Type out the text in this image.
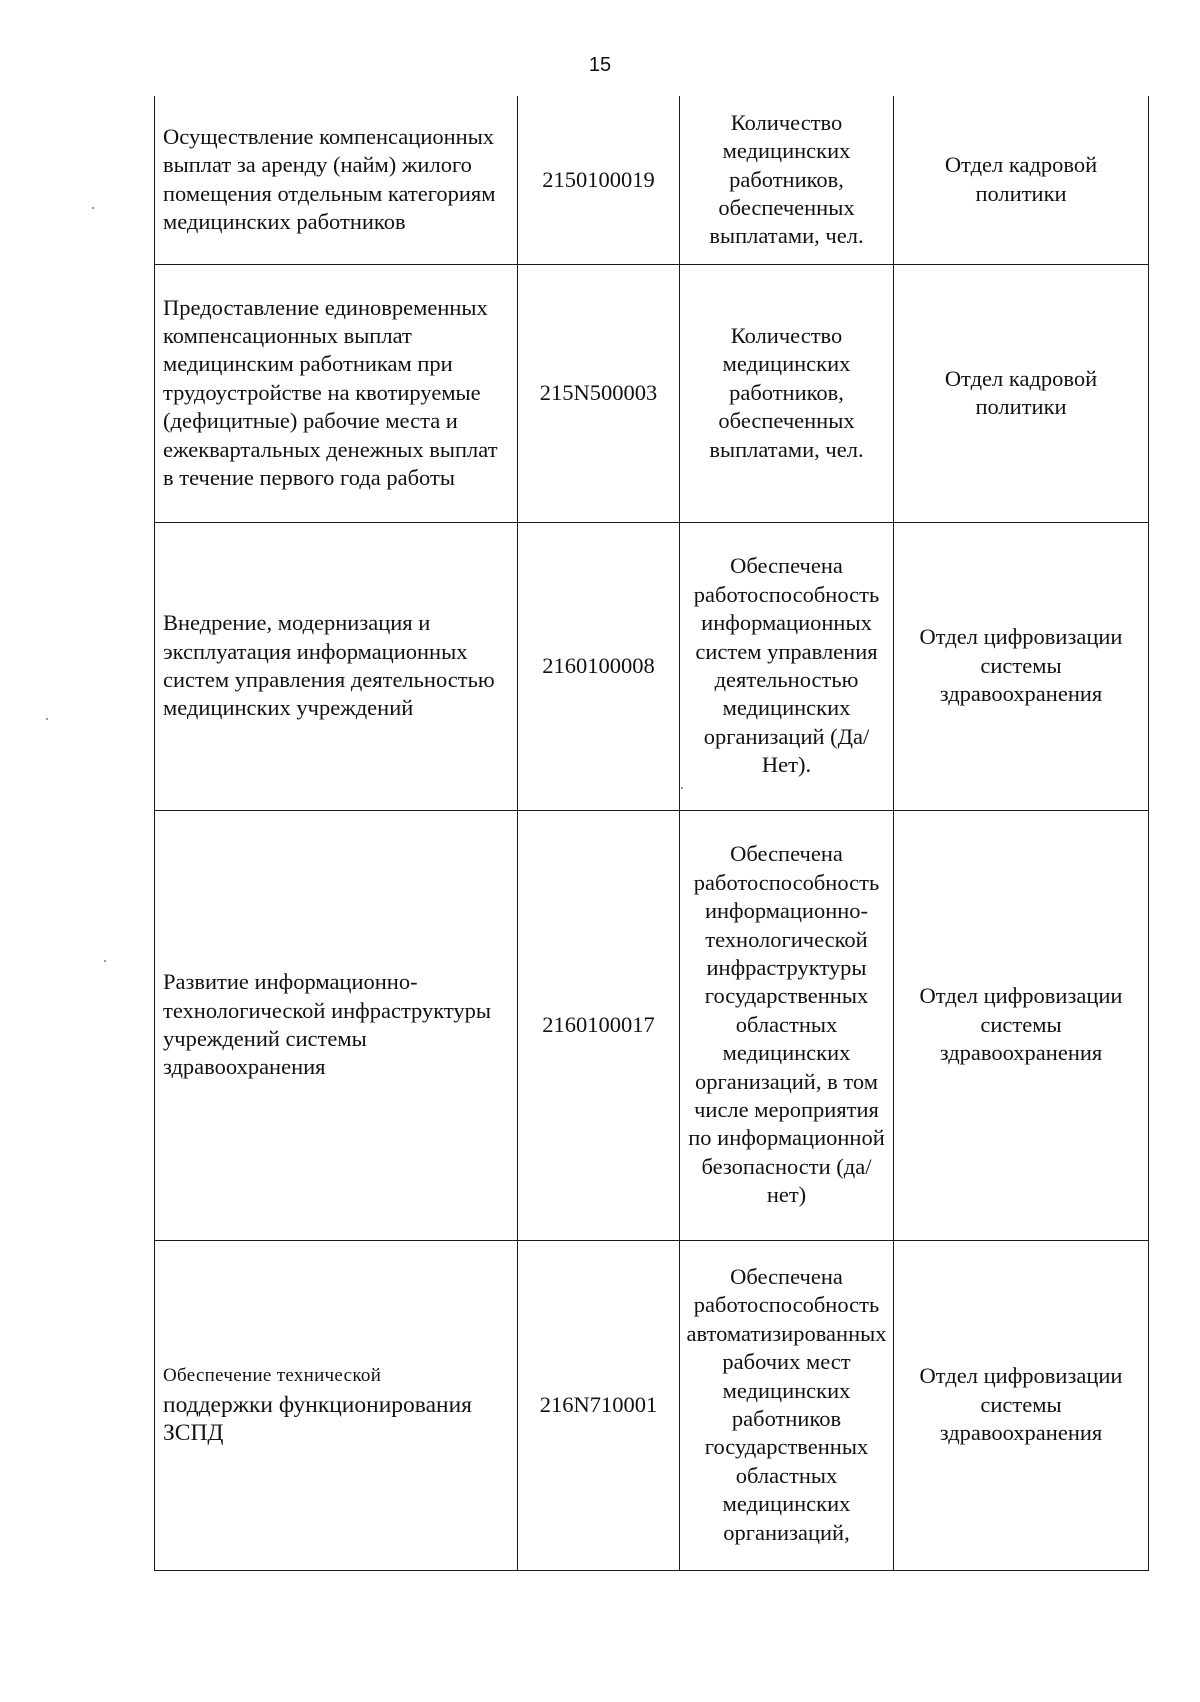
15
Осуществление компенсационных выплат за аренду (найм) жилого помещения отдельным категориям медицинских работников	2150100019	Количество медицинских работников, обеспеченных выплатами, чел.	Отдел кадровой политики
Предоставление единовременных компенсационных выплат медицинским работникам при трудоустройстве на квотируемые (дефицитные) рабочие места и ежеквартальных денежных выплат в течение первого года работы	215N500003	Количество медицинских работников, обеспеченных выплатами, чел.	Отдел кадровой политики
Внедрение, модернизация и эксплуатация информационных систем управления деятельностью медицинских учреждений	2160100008	Обеспечена работоспособность информационных систем управления деятельностью медицинских организаций (Да/Нет).	Отдел цифровизации системы здравоохранения
Развитие информационно-технологической инфраструктуры учреждений системы здравоохранения	2160100017	Обеспечена работоспособность информационно-технологической инфраструктуры государственных областных медицинских организаций, в том числе мероприятия по информационной безопасности (да/нет)	Отдел цифровизации системы здравоохранения

Обеспечение технической
поддержки функционирования ЗСПД	216N710001	Обеспечена работоспособность автоматизированных рабочих мест медицинских работников государственных областных медицинских организаций,	Отдел цифровизации системы здравоохранения
